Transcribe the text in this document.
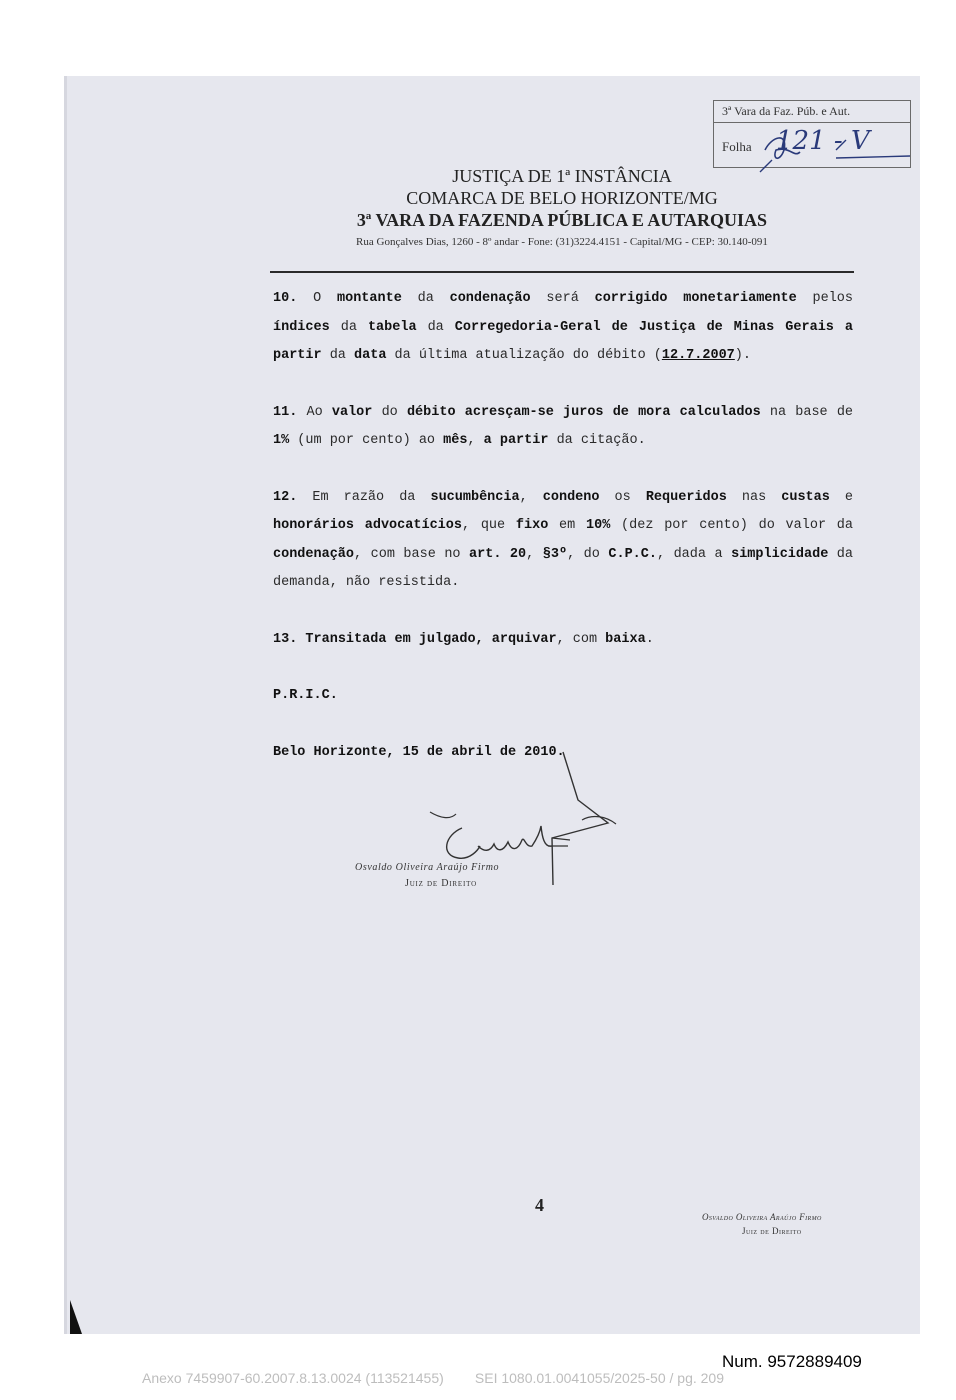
3ª Vara da Faz. Púb. e Aut.
Folha 121 - V
JUSTIÇA DE 1ª INSTÂNCIA
COMARCA DE BELO HORIZONTE/MG
3ª VARA DA FAZENDA PÚBLICA E AUTARQUIAS
Rua Gonçalves Dias, 1260 - 8º andar - Fone: (31)3224.4151 - Capital/MG - CEP: 30.140-091

10. O montante da condenação será corrigido monetariamente pelos índices da tabela da Corregedoria-Geral de Justiça de Minas Gerais a partir da data da última atualização do débito (12.7.2007).

11. Ao valor do débito acresçam-se juros de mora calculados na base de 1% (um por cento) ao mês, a partir da citação.

12. Em razão da sucumbência, condeno os Requeridos nas custas e honorários advocatícios, que fixo em 10% (dez por cento) do valor da condenação, com base no art. 20, §3º, do C.P.C., dada a simplicidade da demanda, não resistida.

13. Transitada em julgado, arquivar, com baixa.

P.R.I.C.

Belo Horizonte, 15 de abril de 2010.

Osvaldo Oliveira Araújo Firmo
Juiz de Direito
4
Osvaldo Oliveira Araújo Firmo
Juiz de Direito
Num. 9572889409
Anexo 7459907-60.2007.8.13.0024 (113521455)        SEI 1080.01.0041055/2025-50 / pg. 209
